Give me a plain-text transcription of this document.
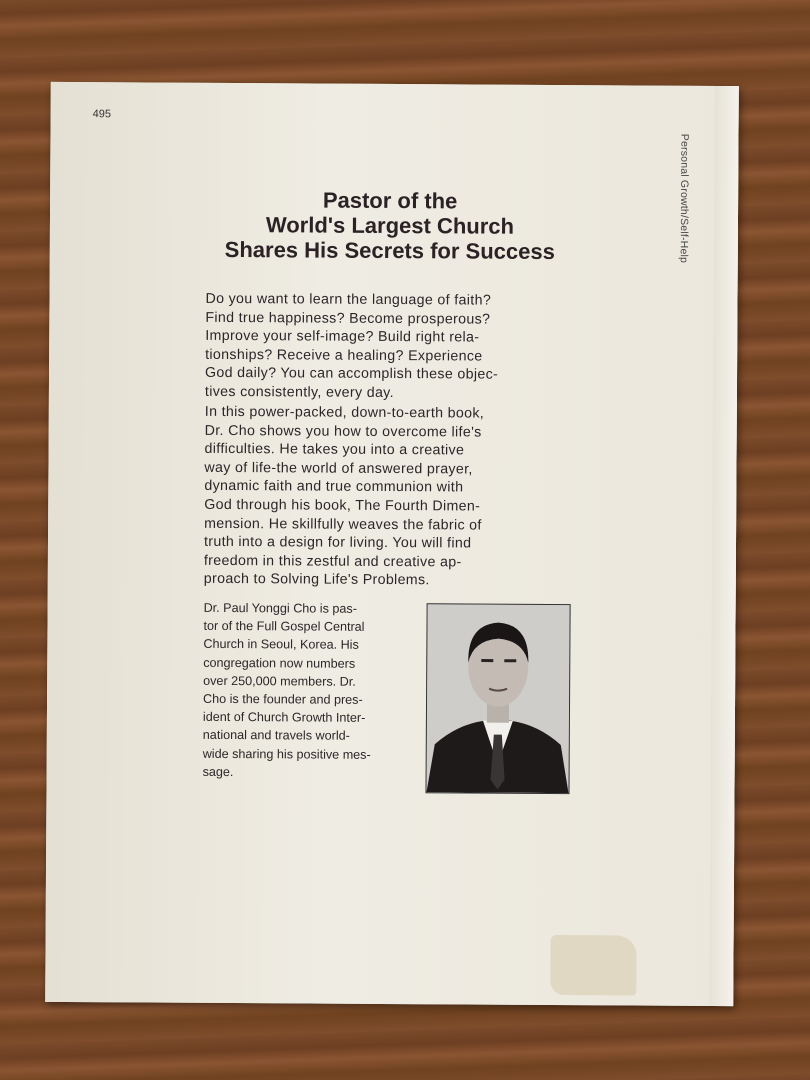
495
Personal Growth/Self-Help
Pastor of the
World's Largest Church
Shares His Secrets for Success
Do you want to learn the language of faith?
Find true happiness? Become prosperous?
Improve your self-image? Build right rela-
tionships? Receive a healing? Experience
God daily? You can accomplish these objec-
tives consistently, every day.
In this power-packed, down-to-earth book,
Dr. Cho shows you how to overcome life's
difficulties. He takes you into a creative
way of life-the world of answered prayer,
dynamic faith and true communion with
God through his book, The Fourth Dimen-
mension. He skillfully weaves the fabric of
truth into a design for living. You will find
freedom in this zestful and creative ap-
proach to Solving Life's Problems.
Dr. Paul Yonggi Cho is pas-
tor of the Full Gospel Central
Church in Seoul, Korea. His
congregation now numbers
over 250,000 members. Dr.
Cho is the founder and pres-
ident of Church Growth Inter-
national and travels world-
wide sharing his positive mes-
sage.
